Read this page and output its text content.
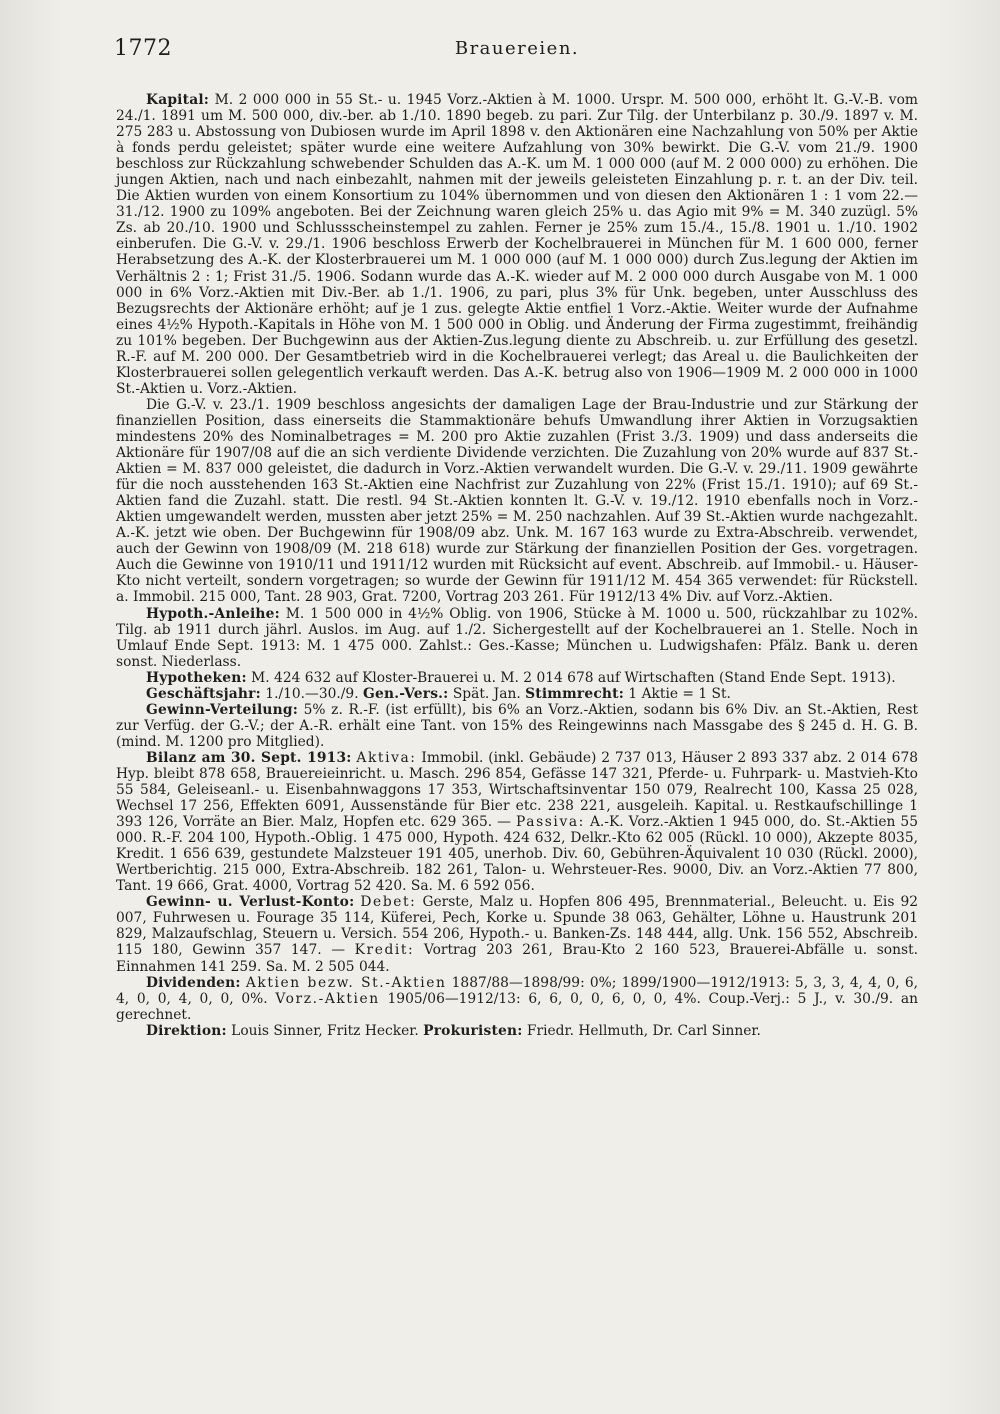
1772	Brauereien.

Kapital: M. 2 000 000 in 55 St.- u. 1945 Vorz.-Aktien à M. 1000. Urspr. M. 500 000, erhöht lt. G.-V.-B. vom 24./1. 1891 um M. 500 000, div.-ber. ab 1./10. 1890 begeb. zu pari. Zur Tilg. der Unterbilanz p. 30./9. 1897 v. M. 275 283 u. Abstossung von Dubiosen wurde im April 1898 v. den Aktionären eine Nachzahlung von 50% per Aktie à fonds perdu geleistet; später wurde eine weitere Aufzahlung von 30% bewirkt. Die G.-V. vom 21./9. 1900 beschloss zur Rückzahlung schwebender Schulden das A.-K. um M. 1 000 000 (auf M. 2 000 000) zu erhöhen. Die jungen Aktien, nach und nach einbezahlt, nahmen mit der jeweils geleisteten Einzahlung p. r. t. an der Div. teil. Die Aktien wurden von einem Konsortium zu 104% übernommen und von diesen den Aktionären 1 : 1 vom 22.—31./12. 1900 zu 109% angeboten. Bei der Zeichnung waren gleich 25% u. das Agio mit 9% = M. 340 zuzügl. 5% Zs. ab 20./10. 1900 und Schlussscheinstempel zu zahlen. Ferner je 25% zum 15./4., 15./8. 1901 u. 1./10. 1902 einberufen. Die G.-V. v. 29./1. 1906 beschloss Erwerb der Kochelbrauerei in München für M. 1 600 000, ferner Herabsetzung des A.-K. der Klosterbrauerei um M. 1 000 000 (auf M. 1 000 000) durch Zus.legung der Aktien im Verhältnis 2 : 1; Frist 31./5. 1906. Sodann wurde das A.-K. wieder auf M. 2 000 000 durch Ausgabe von M. 1 000 000 in 6% Vorz.-Aktien mit Div.-Ber. ab 1./1. 1906, zu pari, plus 3% für Unk. begeben, unter Ausschluss des Bezugsrechts der Aktionäre erhöht; auf je 1 zus. gelegte Aktie entfiel 1 Vorz.-Aktie. Weiter wurde der Aufnahme eines 4½% Hypoth.-Kapitals in Höhe von M. 1 500 000 in Oblig. und Änderung der Firma zugestimmt, freihändig zu 101% begeben. Der Buchgewinn aus der Aktien-Zus.legung diente zu Abschreib. u. zur Erfüllung des gesetzl. R.-F. auf M. 200 000. Der Gesamtbetrieb wird in die Kochelbrauerei verlegt; das Areal u. die Baulichkeiten der Klosterbrauerei sollen gelegentlich verkauft werden. Das A.-K. betrug also von 1906—1909 M. 2 000 000 in 1000 St.-Aktien u. Vorz.-Aktien.

Die G.-V. v. 23./1. 1909 beschloss angesichts der damaligen Lage der Brau-Industrie und zur Stärkung der finanziellen Position, dass einerseits die Stammaktionäre behufs Umwandlung ihrer Aktien in Vorzugsaktien mindestens 20% des Nominalbetrages = M. 200 pro Aktie zuzahlen (Frist 3./3. 1909) und dass anderseits die Aktionäre für 1907/08 auf die an sich verdiente Dividende verzichten. Die Zuzahlung von 20% wurde auf 837 St.-Aktien = M. 837 000 geleistet, die dadurch in Vorz.-Aktien verwandelt wurden. Die G.-V. v. 29./11. 1909 gewährte für die noch ausstehenden 163 St.-Aktien eine Nachfrist zur Zuzahlung von 22% (Frist 15./1. 1910); auf 69 St.-Aktien fand die Zuzahl. statt. Die restl. 94 St.-Aktien konnten lt. G.-V. v. 19./12. 1910 ebenfalls noch in Vorz.-Aktien umgewandelt werden, mussten aber jetzt 25% = M. 250 nachzahlen. Auf 39 St.-Aktien wurde nachgezahlt. A.-K. jetzt wie oben. Der Buchgewinn für 1908/09 abz. Unk. M. 167 163 wurde zu Extra-Abschreib. verwendet, auch der Gewinn von 1908/09 (M. 218 618) wurde zur Stärkung der finanziellen Position der Ges. vorgetragen. Auch die Gewinne von 1910/11 und 1911/12 wurden mit Rücksicht auf event. Abschreib. auf Immobil.- u. Häuser-Kto nicht verteilt, sondern vorgetragen; so wurde der Gewinn für 1911/12 M. 454 365 verwendet: für Rückstell. a. Immobil. 215 000, Tant. 28 903, Grat. 7200, Vortrag 203 261. Für 1912/13 4% Div. auf Vorz.-Aktien.

Hypoth.-Anleihe: M. 1 500 000 in 4½% Oblig. von 1906, Stücke à M. 1000 u. 500, rückzahlbar zu 102%. Tilg. ab 1911 durch jährl. Auslos. im Aug. auf 1./2. Sichergestellt auf der Kochelbrauerei an 1. Stelle. Noch in Umlauf Ende Sept. 1913: M. 1 475 000. Zahlst.: Ges.-Kasse; München u. Ludwigshafen: Pfälz. Bank u. deren sonst. Niederlass.

Hypotheken: M. 424 632 auf Kloster-Brauerei u. M. 2 014 678 auf Wirtschaften (Stand Ende Sept. 1913).

Geschäftsjahr: 1./10.—30./9. Gen.-Vers.: Spät. Jan. Stimmrecht: 1 Aktie = 1 St.

Gewinn-Verteilung: 5% z. R.-F. (ist erfüllt), bis 6% an Vorz.-Aktien, sodann bis 6% Div. an St.-Aktien, Rest zur Verfüg. der G.-V.; der A.-R. erhält eine Tant. von 15% des Reingewinns nach Massgabe des § 245 d. H. G. B. (mind. M. 1200 pro Mitglied).

Bilanz am 30. Sept. 1913: Aktiva: Immobil. (inkl. Gebäude) 2 737 013, Häuser 2 893 337 abz. 2 014 678 Hyp. bleibt 878 658, Brauereieinricht. u. Masch. 296 854, Gefässe 147 321, Pferde- u. Fuhrpark- u. Mastvieh-Kto 55 584, Geleiseanl.- u. Eisenbahnwaggons 17 353, Wirtschaftsinventar 150 079, Realrecht 100, Kassa 25 028, Wechsel 17 256, Effekten 6091, Aussenstände für Bier etc. 238 221, ausgeleih. Kapital. u. Restkaufschillinge 1 393 126, Vorräte an Bier. Malz, Hopfen etc. 629 365. — Passiva: A.-K. Vorz.-Aktien 1 945 000, do. St.-Aktien 55 000. R.-F. 204 100, Hypoth.-Oblig. 1 475 000, Hypoth. 424 632, Delkr.-Kto 62 005 (Rückl. 10 000), Akzepte 8035, Kredit. 1 656 639, gestundete Malzsteuer 191 405, unerhob. Div. 60, Gebühren-Äquivalent 10 030 (Rückl. 2000), Wertberichtig. 215 000, Extra-Abschreib. 182 261, Talon- u. Wehrsteuer-Res. 9000, Div. an Vorz.-Aktien 77 800, Tant. 19 666, Grat. 4000, Vortrag 52 420. Sa. M. 6 592 056.

Gewinn- u. Verlust-Konto: Debet: Gerste, Malz u. Hopfen 806 495, Brennmaterial., Beleucht. u. Eis 92 007, Fuhrwesen u. Fourage 35 114, Küferei, Pech, Korke u. Spunde 38 063, Gehälter, Löhne u. Haustrunk 201 829, Malzaufschlag, Steuern u. Versich. 554 206, Hypoth.- u. Banken-Zs. 148 444, allg. Unk. 156 552, Abschreib. 115 180, Gewinn 357 147. — Kredit: Vortrag 203 261, Brau-Kto 2 160 523, Brauerei-Abfälle u. sonst. Einnahmen 141 259. Sa. M. 2 505 044.

Dividenden: Aktien bezw. St.-Aktien 1887/88—1898/99: 0%; 1899/1900—1912/1913: 5, 3, 3, 4, 4, 0, 6, 4, 0, 0, 4, 0, 0, 0%. Vorz.-Aktien 1905/06—1912/13: 6, 6, 0, 0, 6, 0, 0, 4%. Coup.-Verj.: 5 J., v. 30./9. an gerechnet.

Direktion: Louis Sinner, Fritz Hecker. Prokuristen: Friedr. Hellmuth, Dr. Carl Sinner.
